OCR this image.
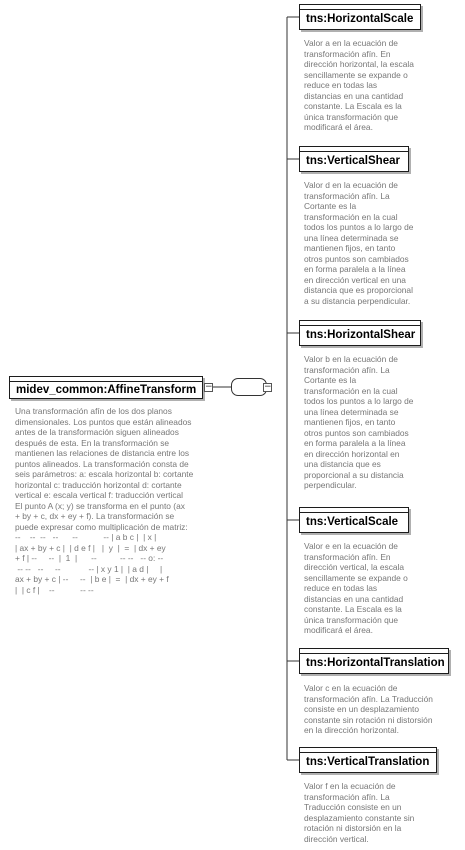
midev_common:AffineTransform −
Una transformación afín de los dos planos
dimensionales. Los puntos que están alineados
antes de la transformación siguen alineados
después de esta. En la transformación se
mantienen las relaciones de distancia entre los
puntos alineados. La transformación consta de
seis parámetros: a: escala horizontal b: cortante
horizontal c: traducción horizontal d: cortante
vertical e: escala vertical f: traducción vertical
El punto A (x; y) se transforma en el punto (ax
+ by + c, dx + ey + f). La transformación se
puede expresar como multiplicación de matriz:
--    --  --   --      --           -- | a b c |  | x |
| ax + by + c |  | d e f |   |  y  |  =  | dx + ey
+ f | --     --  |  1  |      --          -- --   -- o: --
-- --   --     --            -- | x y 1 |  | a d |     |
ax + by + c | --     --  | b e |  =  | dx + ey + f
|  | c f |    --           -- --
−
tns:HorizontalScale
Valor a en la ecuación de
transformación afín. En
dirección horizontal, la escala
sencillamente se expande o
reduce en todas las
distancias en una cantidad
constante. La Escala es la
única transformación que
modificará el área.
tns:VerticalShear
Valor d en la ecuación de
transformación afín. La
Cortante es la
transformación en la cual
todos los puntos a lo largo de
una línea determinada se
mantienen fijos, en tanto
otros puntos son cambiados
en forma paralela a la línea
en dirección vertical en una
distancia que es proporcional
a su distancia perpendicular.
tns:HorizontalShear
Valor b en la ecuación de
transformación afín. La
Cortante es la
transformación en la cual
todos los puntos a lo largo de
una línea determinada se
mantienen fijos, en tanto
otros puntos son cambiados
en forma paralela a la línea
en dirección horizontal en
una distancia que es
proporcional a su distancia
perpendicular.
tns:VerticalScale
Valor e en la ecuación de
transformación afín. En
dirección vertical, la escala
sencillamente se expande o
reduce en todas las
distancias en una cantidad
constante. La Escala es la
única transformación que
modificará el área.
tns:HorizontalTranslation
Valor c en la ecuación de
transformación afín. La Traducción
consiste en un desplazamiento
constante sin rotación ni distorsión
en la dirección horizontal.
tns:VerticalTranslation
Valor f en la ecuación de
transformación afín. La
Traducción consiste en un
desplazamiento constante sin
rotación ni distorsión en la
dirección vertical.
